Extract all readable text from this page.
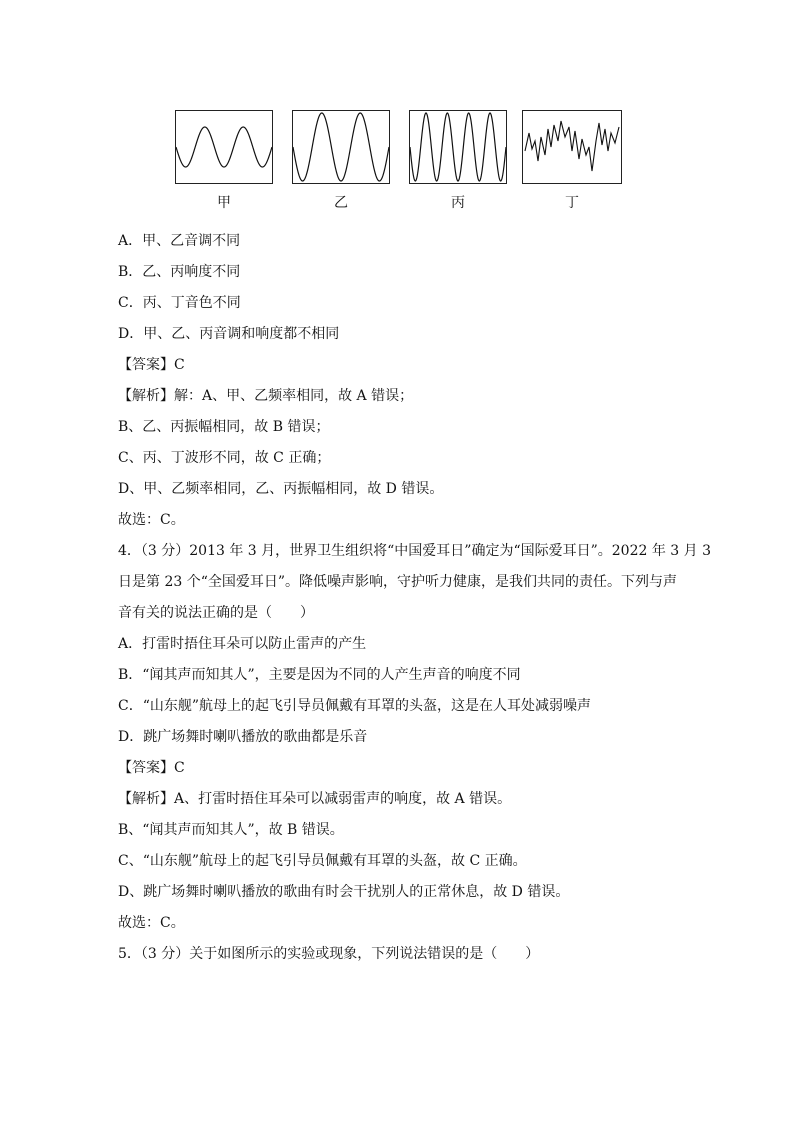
甲	乙	丙	丁
A．甲、乙音调不同
B．乙、丙响度不同
C．丙、丁音色不同
D．甲、乙、丙音调和响度都不相同
【答案】C
【解析】解：A、甲、乙频率相同，故 A 错误；
B、乙、丙振幅相同，故 B 错误；
C、丙、丁波形不同，故 C 正确；
D、甲、乙频率相同，乙、丙振幅相同，故 D 错误。
故选：C。
4．（3 分）2013 年 3 月，世界卫生组织将“中国爱耳日”确定为“国际爱耳日”。2022 年 3 月 3
日是第 23 个“全国爱耳日”。降低噪声影响，守护听力健康，是我们共同的责任。下列与声
音有关的说法正确的是（　　）
A．打雷时捂住耳朵可以防止雷声的产生
B．“闻其声而知其人”，主要是因为不同的人产生声音的响度不同
C．“山东舰”航母上的起飞引导员佩戴有耳罩的头盔，这是在人耳处减弱噪声
D．跳广场舞时喇叭播放的歌曲都是乐音
【答案】C
【解析】A、打雷时捂住耳朵可以减弱雷声的响度，故 A 错误。
B、“闻其声而知其人”，故 B 错误。
C、“山东舰”航母上的起飞引导员佩戴有耳罩的头盔，故 C 正确。
D、跳广场舞时喇叭播放的歌曲有时会干扰别人的正常休息，故 D 错误。
故选：C。
5．（3 分）关于如图所示的实验或现象，下列说法错误的是（　　）
